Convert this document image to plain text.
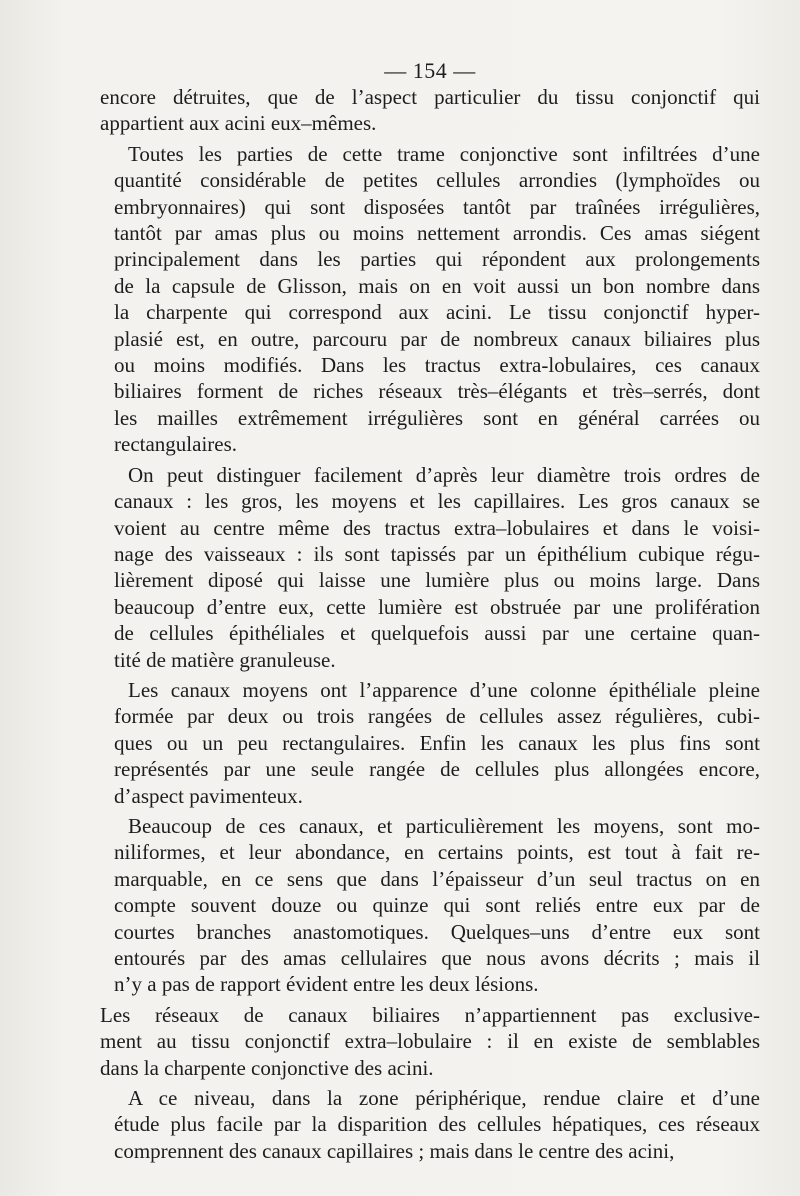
— 154 —
encore détruites, que de l’aspect particulier du tissu conjonctif qui
appartient aux acini eux–mêmes.
Toutes les parties de cette trame conjonctive sont infiltrées d’une
quantité considérable de petites cellules arrondies (lymphoïdes ou
embryonnaires) qui sont disposées tantôt par traînées irrégulières,
tantôt par amas plus ou moins nettement arrondis. Ces amas siégent
principalement dans les parties qui répondent aux prolongements
de la capsule de Glisson, mais on en voit aussi un bon nombre dans
la charpente qui correspond aux acini. Le tissu conjonctif hyper-
plasié est, en outre, parcouru par de nombreux canaux biliaires plus
ou moins modifiés. Dans les tractus extra-lobulaires, ces canaux
biliaires forment de riches réseaux très–élégants et très–serrés, dont
les mailles extrêmement irrégulières sont en général carrées ou
rectangulaires.
On peut distinguer facilement d’après leur diamètre trois ordres de
canaux : les gros, les moyens et les capillaires. Les gros canaux se
voient au centre même des tractus extra–lobulaires et dans le voisi-
nage des vaisseaux : ils sont tapissés par un épithélium cubique régu-
lièrement diposé qui laisse une lumière plus ou moins large. Dans
beaucoup d’entre eux, cette lumière est obstruée par une prolifération
de cellules épithéliales et quelquefois aussi par une certaine quan-
tité de matière granuleuse.
Les canaux moyens ont l’apparence d’une colonne épithéliale pleine
formée par deux ou trois rangées de cellules assez régulières, cubi-
ques ou un peu rectangulaires. Enfin les canaux les plus fins sont
représentés par une seule rangée de cellules plus allongées encore,
d’aspect pavimenteux.
Beaucoup de ces canaux, et particulièrement les moyens, sont mo-
niliformes, et leur abondance, en certains points, est tout à fait re-
marquable, en ce sens que dans l’épaisseur d’un seul tractus on en
compte souvent douze ou quinze qui sont reliés entre eux par de
courtes branches anastomotiques. Quelques–uns d’entre eux sont
entourés par des amas cellulaires que nous avons décrits ; mais il
n’y a pas de rapport évident entre les deux lésions.
Les réseaux de canaux biliaires n’appartiennent pas exclusive-
ment au tissu conjonctif extra–lobulaire : il en existe de semblables
dans la charpente conjonctive des acini.
A ce niveau, dans la zone périphérique, rendue claire et d’une
étude plus facile par la disparition des cellules hépatiques, ces réseaux
comprennent des canaux capillaires ; mais dans le centre des acini,
